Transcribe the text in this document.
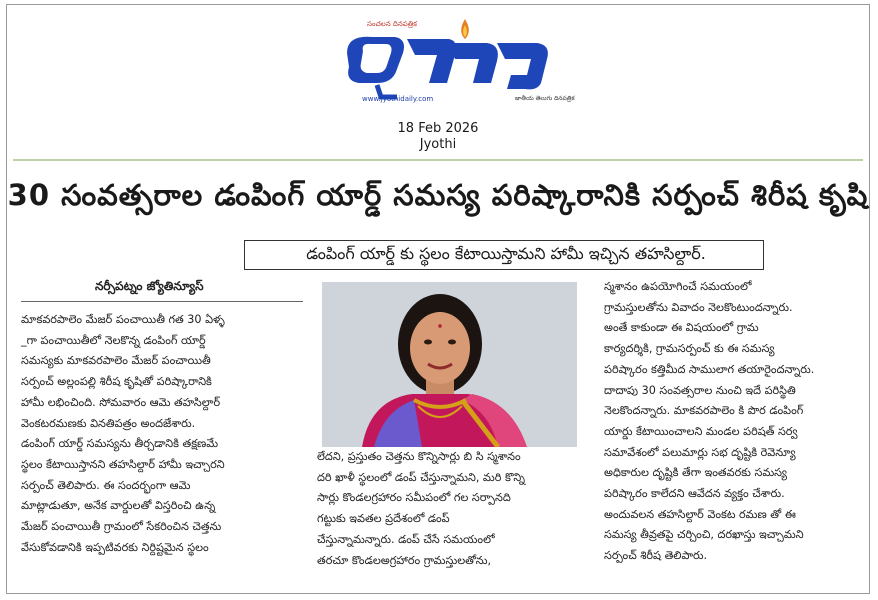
సంచలన దినపత్రిక
www.jyothidaily.com	జాతీయ తెలుగు దినపత్రిక
18 Feb 2026
Jyothi
30 సంవత్సరాల డంపింగ్ యార్డ్ సమస్య పరిష్కారానికి సర్పంచ్ శిరీష కృషి
డంపింగ్ యార్డ్ కు స్థలం కేటాయిస్తామని హామీ ఇచ్చిన తహసిల్దార్.
నర్సీపట్నం జ్యోతిన్యూస్
మాకవరపాలెం మేజర్ పంచాయితీ గత 30 ఏళ్ళ
_గా పంచాయితీలో నెలకొన్న డంపింగ్ యార్డ్
సమస్యకు మాకవరపాలెం మేజర్ పంచాయితీ
సర్పంచ్ అల్లంపల్లి శిరీష కృషితో పరిష్కారానికి
హామీ లభించింది. సోమవారం ఆమె తహసిల్దార్
వెంకటరమణకు వినతిపత్రం అందజేశారు.
డంపింగ్ యార్డ్ సమస్యను తీర్చడానికి తక్షణమే
స్థలం కేటాయిస్తానని తహసిల్దార్ హామీ ఇచ్చారని
సర్పంచ్ తెలిపారు. ఈ సందర్భంగా ఆమె
మాట్లాడుతూ, అనేక వార్డులతో విస్తరించి ఉన్న
మేజర్ పంచాయితీ గ్రామంలో సేకరించిన చెత్తను
వేసుకోవడానికి ఇప్పటివరకు నిర్దిష్టమైన స్థలం
లేదని, ప్రస్తుతం చెత్తను కొన్నిసార్లు బి సి స్మశానం
దరి ఖాళీ స్థలంలో డంప్ చేస్తున్నామని, మరి కొన్ని
సార్లు కొండలగ్రహారం సమీపంలో గల సర్పానది
గట్టుకు ఇవతల ప్రదేశంలో డంప్
చేస్తున్నామన్నారు. డంప్ చేసే సమయంలో
తరచూ కొండలఅగ్రహారం గ్రామస్తులతోను,
స్మశానం ఉపయోగించే సమయంలో
గ్రామస్తులతోను వివాదం నెలకొంటుందన్నారు.
అంతే కాకుండా ఈ విషయంలో గ్రామ
కార్యదర్శికి, గ్రామసర్పంచ్ కు ఈ సమస్య
పరిష్కారం కత్తిమీద సాములాగ తయారైందన్నారు.
దాదాపు 30 సంవత్సరాల నుంచి ఇదే పరిస్థితి
నెలకొందన్నారు. మాకవరపాలెం కి పొర డంపింగ్
యార్డు కేటాయించాలని మండల పరిషత్ సర్వ
సమావేశంలో పలుమార్లు సభ దృష్టికి రెవెన్యూ
అధికారుల దృష్టికి తేగా ఇంతవరకు సమస్య
పరిష్కారం కాలేదని ఆవేదన వ్యక్తం చేశారు.
అందువలన తహసిల్దార్ వెంకట రమణ తో ఈ
సమస్య తీవ్రతపై చర్చించి, దరఖాస్తు ఇచ్చామని
సర్పంచ్ శిరీష తెలిపారు.
